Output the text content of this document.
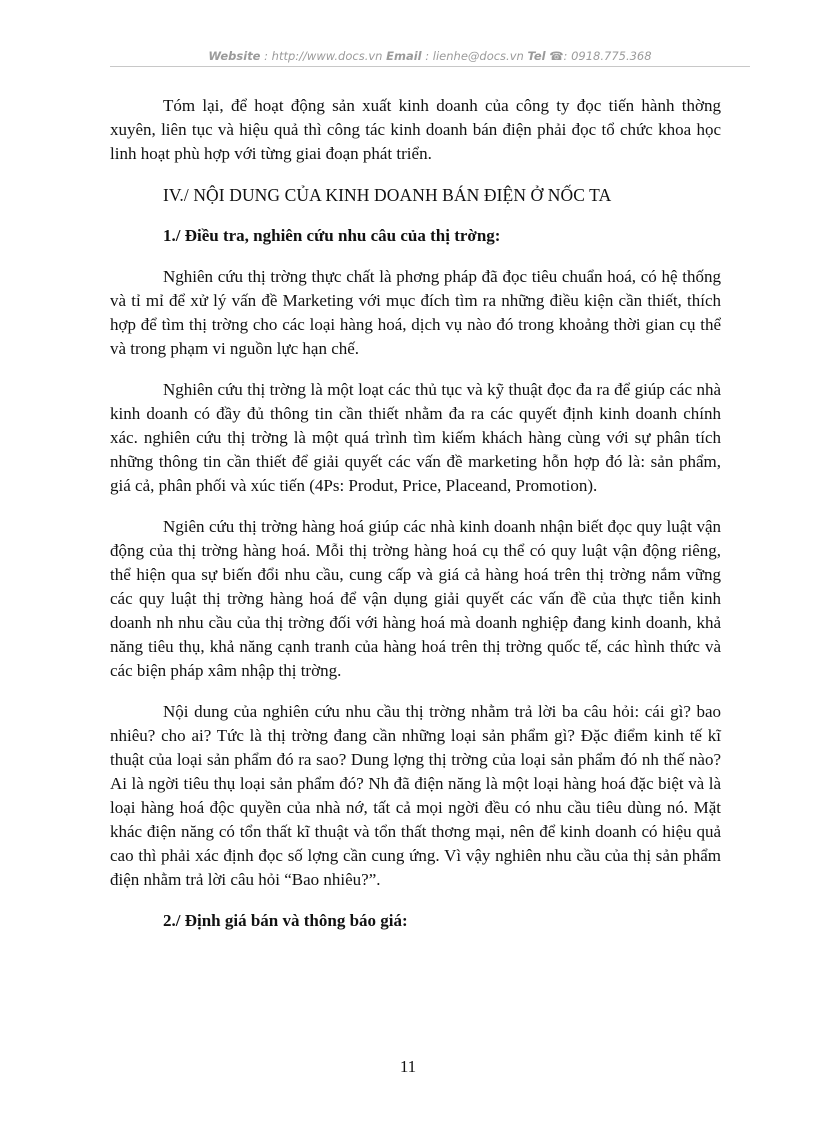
Website : http://www.docs.vn Email : lienhe@docs.vn Tel ☎: 0918.775.368

Tóm lại, để hoạt động sản xuất kinh doanh của công ty đọc tiến hành thờng xuyên, liên tục và hiệu quả thì công tác kinh doanh bán điện phải đọc tổ chức khoa học linh hoạt phù hợp với từng giai đoạn phát triển.

IV./ NỘI DUNG CỦA KINH DOANH BÁN ĐIỆN Ở NỐC TA
1./ Điều tra, nghiên cứu nhu câu của thị trờng:

Nghiên cứu thị trờng thực chất là phơng pháp đã đọc tiêu chuẩn hoá, có hệ thống và tỉ mỉ để xử lý vấn đề Marketing với mục đích tìm ra những điều kiện cần thiết, thích hợp để tìm thị trờng cho các loại hàng hoá, dịch vụ nào đó trong khoảng thời gian cụ thể và trong phạm vi nguồn lực hạn chế.

Nghiên cứu thị trờng là một loạt các thủ tục và kỹ thuật đọc đa ra để giúp các nhà kinh doanh có đầy đủ thông tin cần thiết nhằm đa ra các quyết định kinh doanh chính xác. nghiên cứu thị trờng là một quá trình tìm kiếm khách hàng cùng với sự phân tích những thông tin cần thiết để giải quyết các vấn đề marketing hỗn hợp đó là: sản phẩm, giá cả, phân phối và xúc tiến (4Ps: Produt, Price, Placeand, Promotion).

Ngiên cứu thị trờng hàng hoá giúp các nhà kinh doanh nhận biết đọc quy luật vận động của thị trờng hàng hoá. Mỗi thị trờng hàng hoá cụ thể có quy luật vận động riêng, thể hiện qua sự biến đổi nhu cầu, cung cấp và giá cả hàng hoá trên thị trờng nắm vững các quy luật thị trờng hàng hoá để vận dụng giải quyết các vấn đề của thực tiễn kinh doanh nh nhu cầu của thị trờng đối với hàng hoá mà doanh nghiệp đang kinh doanh, khả năng tiêu thụ, khả năng cạnh tranh của hàng hoá trên thị trờng quốc tế, các hình thức và các biện pháp xâm nhập thị trờng.

Nội dung của nghiên cứu nhu cầu thị trờng nhằm trả lời ba câu hỏi: cái gì? bao nhiêu? cho ai? Tức là thị trờng đang cần những loại sản phẩm gì? Đặc điểm kinh tế kĩ thuật của loại sản phẩm đó ra sao? Dung lợng thị trờng của loại sản phẩm đó nh thế nào? Ai là ngời tiêu thụ loại sản phẩm đó? Nh đã điện năng là một loại hàng hoá đặc biệt và là loại hàng hoá độc quyền của nhà nớ, tất cả mọi ngời đều có nhu cầu tiêu dùng nó. Mặt khác điện năng có tổn thất kĩ thuật và tổn thất thơng mại, nên để kinh doanh có hiệu quả cao thì phải xác định đọc số lợng cần cung ứng. Vì vậy nghiên nhu cầu của thị sản phẩm điện nhằm trả lời câu hỏi “Bao nhiêu?”.

2./ Định giá bán và thông báo giá:
11
